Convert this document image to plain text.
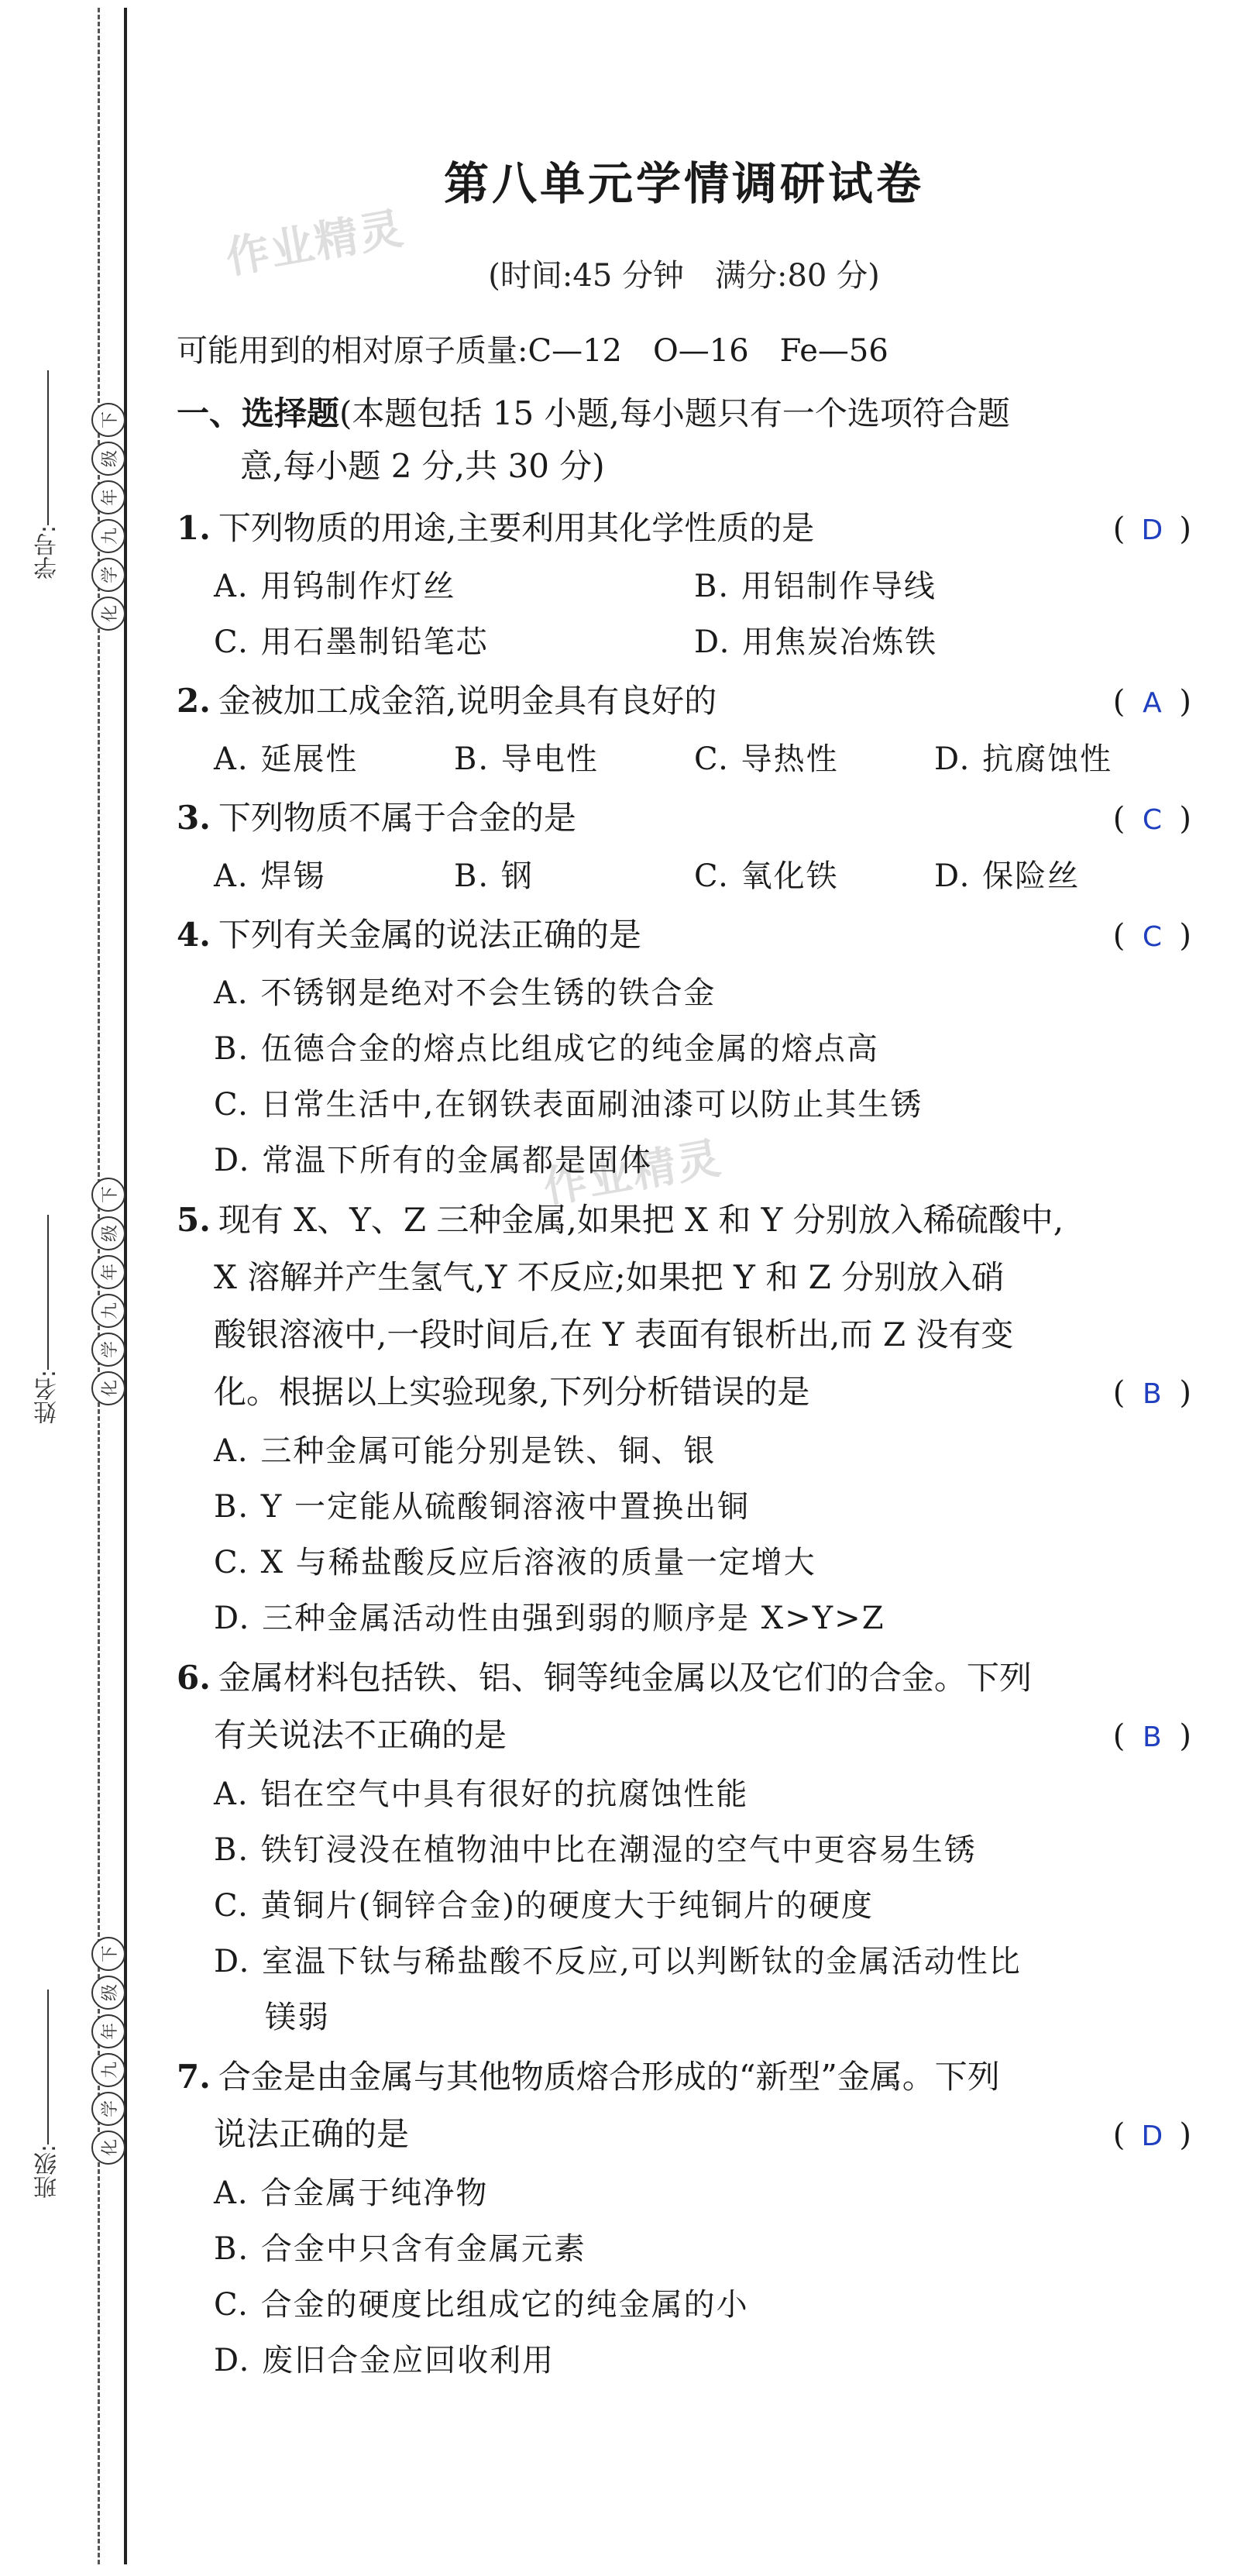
学号:
下
级
年
九
学
化
姓名:
下
级
年
九
学
化
班级:
下
级
年
九
学
化
作业精灵
作业精灵
第八单元学情调研试卷
(时间:45 分钟　满分:80 分)
可能用到的相对原子质量:C—12　O—16　Fe—56
一、选择题(本题包括 15 小题,每小题只有一个选项符合题
意,每小题 2 分,共 30 分)
1. 下列物质的用途,主要利用其化学性质的是	( D )
A. 用钨制作灯丝	B. 用铝制作导线
C. 用石墨制铅笔芯	D. 用焦炭冶炼铁
2. 金被加工成金箔,说明金具有良好的	( A )
A. 延展性	B. 导电性	C. 导热性	D. 抗腐蚀性
3. 下列物质不属于合金的是	( C )
A. 焊锡	B. 钢	C. 氧化铁	D. 保险丝
4. 下列有关金属的说法正确的是	( C )
A. 不锈钢是绝对不会生锈的铁合金
B. 伍德合金的熔点比组成它的纯金属的熔点高
C. 日常生活中,在钢铁表面刷油漆可以防止其生锈
D. 常温下所有的金属都是固体
5. 现有 X、Y、Z 三种金属,如果把 X 和 Y 分别放入稀硫酸中,
X 溶解并产生氢气,Y 不反应;如果把 Y 和 Z 分别放入硝
酸银溶液中,一段时间后,在 Y 表面有银析出,而 Z 没有变
化。根据以上实验现象,下列分析错误的是	( B )
A. 三种金属可能分别是铁、铜、银
B. Y 一定能从硫酸铜溶液中置换出铜
C. X 与稀盐酸反应后溶液的质量一定增大
D. 三种金属活动性由强到弱的顺序是 X>Y>Z
6. 金属材料包括铁、铝、铜等纯金属以及它们的合金。下列
有关说法不正确的是	( B )
A. 铝在空气中具有很好的抗腐蚀性能
B. 铁钉浸没在植物油中比在潮湿的空气中更容易生锈
C. 黄铜片(铜锌合金)的硬度大于纯铜片的硬度
D. 室温下钛与稀盐酸不反应,可以判断钛的金属活动性比
镁弱
7. 合金是由金属与其他物质熔合形成的“新型”金属。下列
说法正确的是	( D )
A. 合金属于纯净物
B. 合金中只含有金属元素
C. 合金的硬度比组成它的纯金属的小
D. 废旧合金应回收利用
